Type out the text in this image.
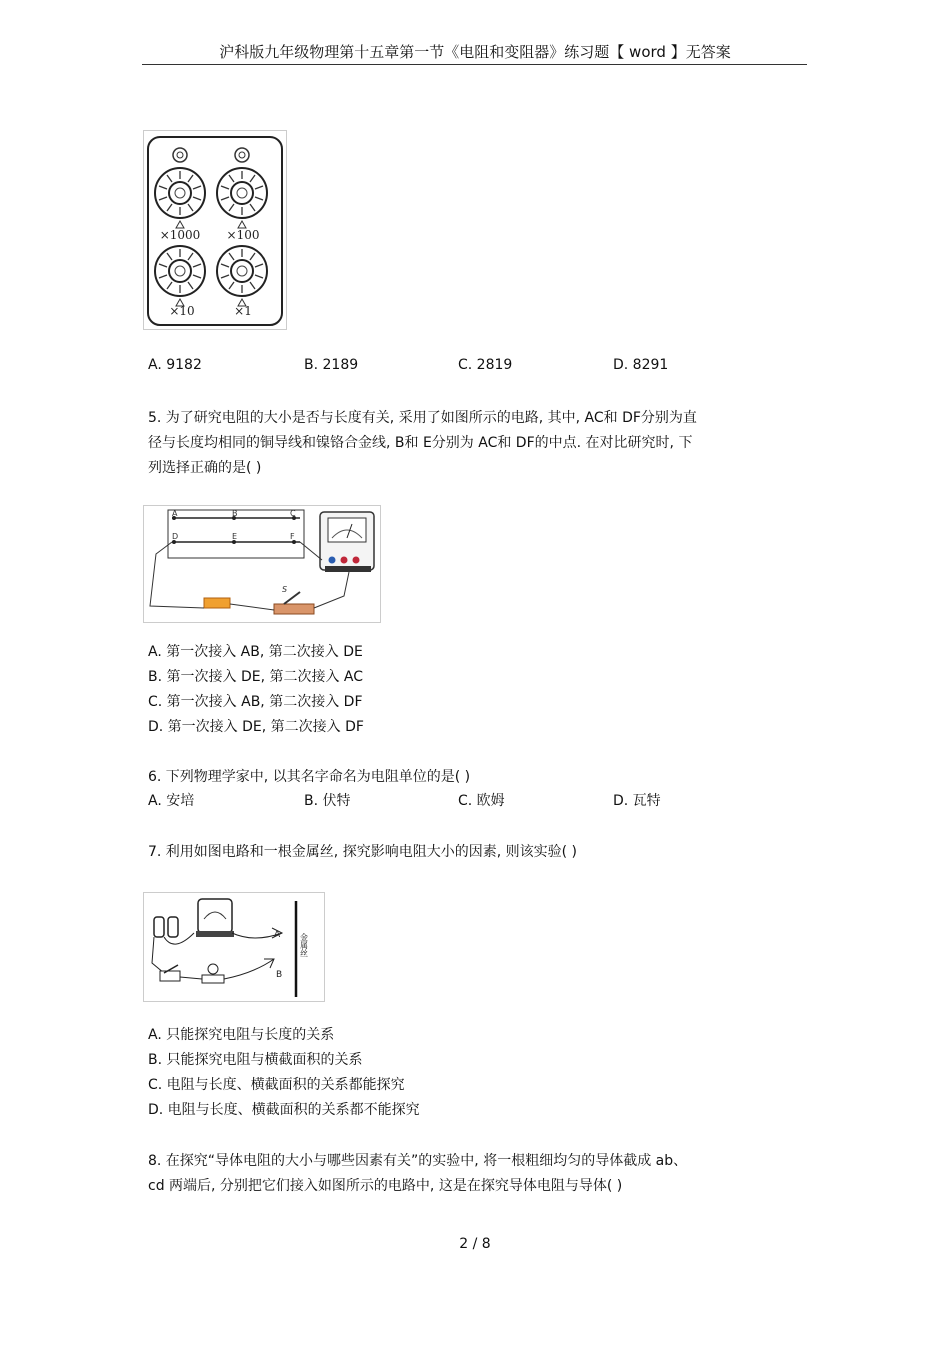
沪科版九年级物理第十五章第一节《电阻和变阻器》练习题【 word 】无答案
×1000 ×100
×10	×1
A. 9182	B. 2189	C. 2819	D. 8291
5. 为了研究电阻的大小是否与长度有关, 采用了如图所示的电路, 其中, AC和 DF分别为直
径与长度均相同的铜导线和镍铬合金线, B和 E分别为 AC和 DF的中点. 在对比研究时, 下
列选择正确的是( )
A	B	C
D	E	F
S
A. 第一次接入 AB, 第二次接入 DE
B. 第一次接入 DE, 第二次接入 AC
C. 第一次接入 AB, 第二次接入 DF
D. 第一次接入 DE, 第二次接入 DF
6. 下列物理学家中, 以其名字命名为电阻单位的是( )
A. 安培	B. 伏特	C. 欧姆	D. 瓦特
7. 利用如图电路和一根金属丝, 探究影响电阻大小的因素, 则该实验( )
A
B
金属丝
A. 只能探究电阻与长度的关系
B. 只能探究电阻与横截面积的关系
C. 电阻与长度、横截面积的关系都能探究
D. 电阻与长度、横截面积的关系都不能探究
8. 在探究“导体电阻的大小与哪些因素有关”的实验中, 将一根粗细均匀的导体截成 ab、
cd 两端后, 分别把它们接入如图所示的电路中, 这是在探究导体电阻与导体( )
2 / 8
